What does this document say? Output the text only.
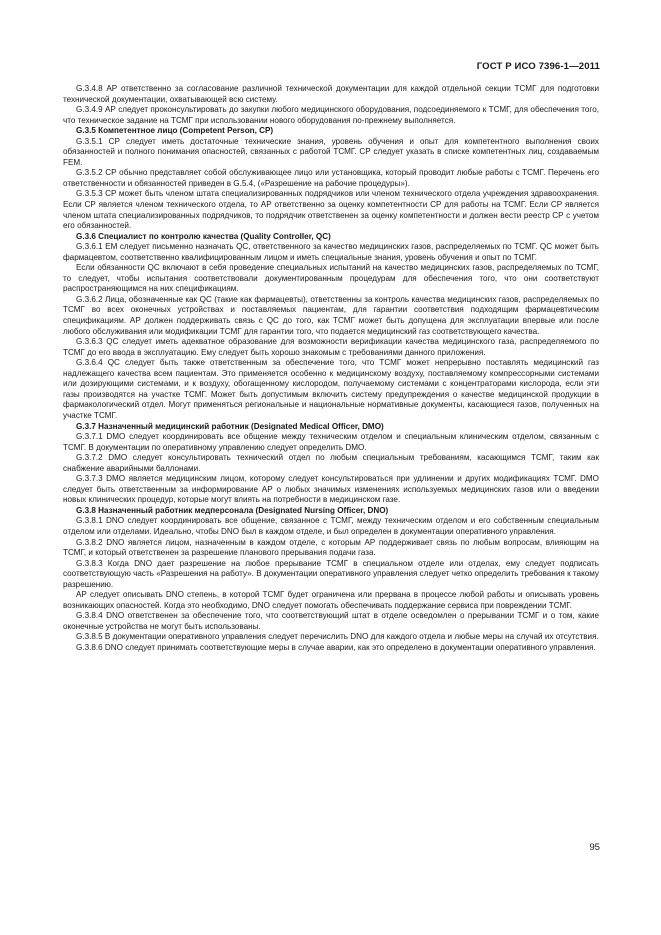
ГОСТ Р ИСО 7396-1—2011

G.3.4.8 АР ответственно за согласование различной технической документации для каждой отдельной секции ТСМГ для подготовки технической документации, охватывающей всю систему.

G.3.4.9 АР следует проконсультировать до закупки любого медицинского оборудования, подсоединяемого к ТСМГ, для обеспечения того, что техническое задание на ТСМГ при использовании нового оборудования по-прежнему выполняется.

G.3.5 Компетентное лицо (Competent Person, CP)

G.3.5.1 СР следует иметь достаточные технические знания, уровень обучения и опыт для компетентного выполнения своих обязанностей и полного понимания опасностей, связанных с работой ТСМГ. СР следует указать в списке компетентных лиц, создаваемым FEM.

G.3.5.2 СР обычно представляет собой обслуживающее лицо или установщика, который проводит любые работы с ТСМГ. Перечень его ответственности и обязанностей приведен в G.5.4, («Разрешение на рабочие процедуры»).

G.3.5.3 СР может быть членом штата специализированных подрядчиков или членом технического отдела учреждения здравоохранения. Если СР является членом технического отдела, то АР ответственно за оценку компетентности СР для работы на ТСМГ. Если СР является членом штата специализированных подрядчиков, то подрядчик ответственен за оценку компетентности и должен вести реестр СР с учетом его обязанностей.

G.3.6 Специалист по контролю качества (Quality Controller, QC)

G.3.6.1 ЕМ следует письменно назначать QC, ответственного за качество медицинских газов, распределяемых по ТСМГ. QC может быть фармацевтом, соответственно квалифицированным лицом и иметь специальные знания, уровень обучения и опыт по ТСМГ.

Если обязанности QC включают в себя проведение специальных испытаний на качество медицинских газов, распределяемых по ТСМГ, то следует, чтобы испытания соответствовали документированным процедурам для обеспечения того, что они соответствуют распространяющимся на них спецификациям.

G.3.6.2 Лица, обозначенные как QC (такие как фармацевты), ответственны за контроль качества медицинских газов, распределяемых по ТСМГ во всех оконечных устройствах и поставляемых пациентам, для гарантии соответствия подходящим фармацевтическим спецификациям. АР должен поддерживать связь с QC до того, как ТСМГ может быть допущена для эксплуатации впервые или после любого обслуживания или модификации ТСМГ для гарантии того, что подается медицинский газ соответствующего качества.

G.3.6.3 QC следует иметь адекватное образование для возможности верификации качества медицинского газа, распределяемого по ТСМГ до его ввода в эксплуатацию. Ему следует быть хорошо знакомым с требованиями данного приложения.

G.3.6.4 QC следует быть также ответственным за обеспечение того, что ТСМГ может непрерывно поставлять медицинский газ надлежащего качества всем пациентам. Это применяется особенно к медицинскому воздуху, поставляемому компрессорными системами или дозирующими системами, и к воздуху, обогащенному кислородом, получаемому системами с концентраторами кислорода, если эти газы производятся на участке ТСМГ. Может быть допустимым включить систему предупреждения о качестве медицинской продукции в фармакологический отдел. Могут применяться региональные и национальные нормативные документы, касающиеся газов, полученных на участке ТСМГ.

G.3.7 Назначенный медицинский работник (Designated Medical Officer, DMO)

G.3.7.1 DMO следует координировать все общение между техническим отделом и специальным клиническим отделом, связанным с ТСМГ. В документации по оперативному управлению следует определить DMO.

G.3.7.2 DMO следует консультировать технический отдел по любым специальным требованиям, касающимся ТСМГ, таким как снабжение аварийными баллонами.

G.3.7.3 DMO является медицинским лицом, которому следует консультироваться при удлинении и других модификациях ТСМГ. DMO следует быть ответственным за информирование АР о любых значимых изменениях используемых медицинских газов или о введении новых клинических процедур, которые могут влиять на потребности в медицинском газе.

G.3.8 Назначенный работник медперсонала (Designated Nursing Officer, DNO)

G.3.8.1 DNO следует координировать все общение, связанное с ТСМГ, между техническим отделом и его собственным специальным отделом или отделами. Идеально, чтобы DNO был в каждом отделе, и был определен в документации оперативного управления.

G.3.8.2 DNO является лицом, назначенным в каждом отделе, с которым АР поддерживает связь по любым вопросам, влияющим на ТСМГ, и который ответственен за разрешение планового прерывания подачи газа.

G.3.8.3 Когда DNO дает разрешение на любое прерывание ТСМГ в специальном отделе или отделах, ему следует подписать соответствующую часть «Разрешения на работу». В документации оперативного управления следует четко определить требования к такому разрешению.

АР следует описывать DNO степень, в которой ТСМГ будет ограничена или прервана в процессе любой работы и описывать уровень возникающих опасностей. Когда это необходимо, DNO следует помогать обеспечивать поддержание сервиса при повреждении ТСМГ.

G.3.8.4 DNO ответственен за обеспечение того, что соответствующий штат в отделе осведомлен о прерывании ТСМГ и о том, какие оконечные устройства не могут быть использованы.

G.3.8.5 В документации оперативного управления следует перечислить DNO для каждого отдела и любые меры на случай их отсутствия.

G.3.8.6 DNO следует принимать соответствующие меры в случае аварии, как это определено в документации оперативного управления.

95
